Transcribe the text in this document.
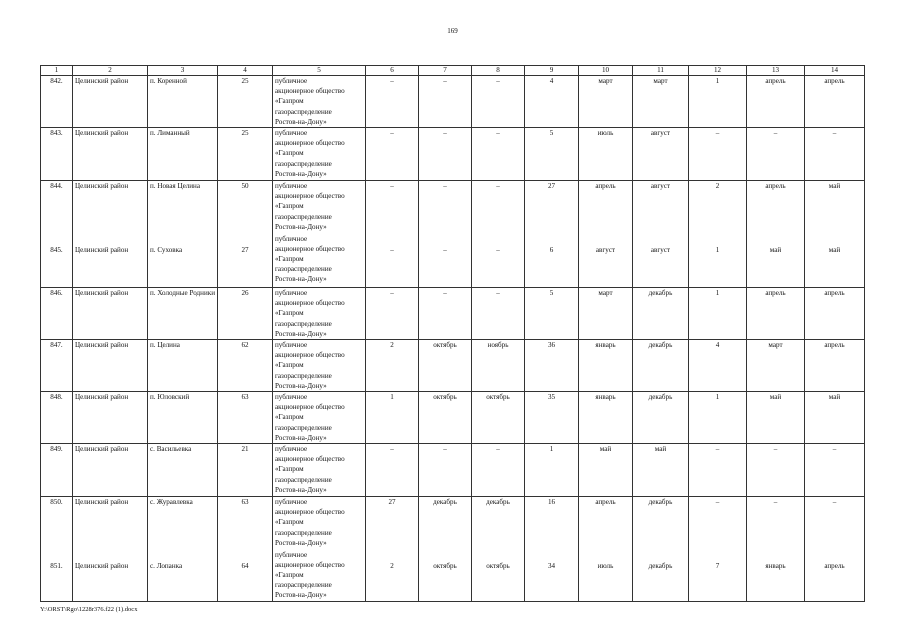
169
1	2	3	4	5	6	7	8	9	10	11	12	13	14

842.	Целинский район	п. Коренной	25	публичное
акционерное общество
«Газпром
газораспределение
Ростов-на-Дону»	–	–	–	4	март	март	1	апрель	апрель

843.	Целинский район	п. Лиманный	25	публичное
акционерное общество
«Газпром
газораспределение
Ростов-на-Дону»	–	–	–	5	июль	август	–	–	–

844.	Целинский район	п. Новая Целина	50	публичное
акционерное общество
«Газпром
газораспределение
Ростов-на-Дону»	–	–	–	27	апрель	август	2	апрель	май

845.	Целинский район	п. Суховка	27	публичное
акционерное общество
«Газпром
газораспределение
Ростов-на-Дону»	–	–	–	6	август	август	1	май	май

846.	Целинский район	п. Холодные Родники	26	публичное
акционерное общество
«Газпром
газораспределение
Ростов-на-Дону»	–	–	–	5	март	декабрь	1	апрель	апрель

847.	Целинский район	п. Целина	62	публичное
акционерное общество
«Газпром
газораспределение
Ростов-на-Дону»	2	октябрь	ноябрь	36	январь	декабрь	4	март	апрель

848.	Целинский район	п. Юловский	63	публичное
акционерное общество
«Газпром
газораспределение
Ростов-на-Дону»	1	октябрь	октябрь	35	январь	декабрь	1	май	май

849.	Целинский район	с. Васильевка	21	публичное
акционерное общество
«Газпром
газораспределение
Ростов-на-Дону»	–	–	–	1	май	май	–	–	–

850.	Целинский район	с. Журавлевка	63	публичное
акционерное общество
«Газпром
газораспределение
Ростов-на-Дону»	27	декабрь	декабрь	16	апрель	декабрь	–	–	–

851.	Целинский район	с. Лопанка	64	публичное
акционерное общество
«Газпром
газораспределение
Ростов-на-Дону»	2	октябрь	октябрь	34	июль	декабрь	7	январь	апрель
Y:\ORST\Rgo\1228r376.f22 (1).docx
